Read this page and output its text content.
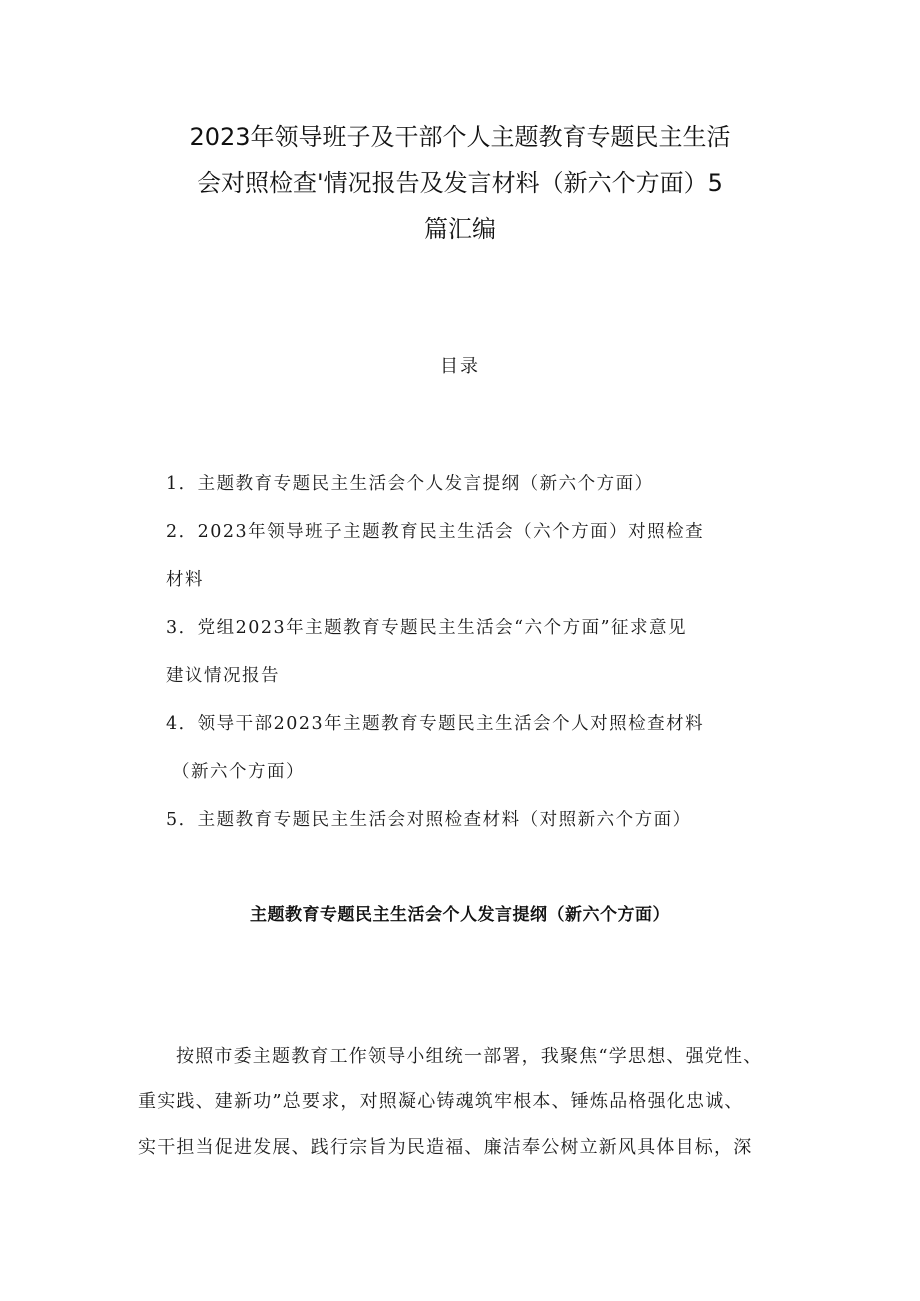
2023年领导班子及干部个人主题教育专题民主生活
会对照检查'情况报告及发言材料（新六个方面）5
篇汇编
目录
1．主题教育专题民主生活会个人发言提纲（新六个方面）
2．2023年领导班子主题教育民主生活会（六个方面）对照检查
材料
3．党组2023年主题教育专题民主生活会“六个方面”征求意见
建议情况报告
4．领导干部2023年主题教育专题民主生活会个人对照检查材料
（新六个方面）
5．主题教育专题民主生活会对照检查材料（对照新六个方面）
主题教育专题民主生活会个人发言提纲（新六个方面）
按照市委主题教育工作领导小组统一部署，我聚焦“学思想、强党性、
重实践、建新功”总要求，对照凝心铸魂筑牢根本、锤炼品格强化忠诚、
实干担当促进发展、践行宗旨为民造福、廉洁奉公树立新风具体目标，深
